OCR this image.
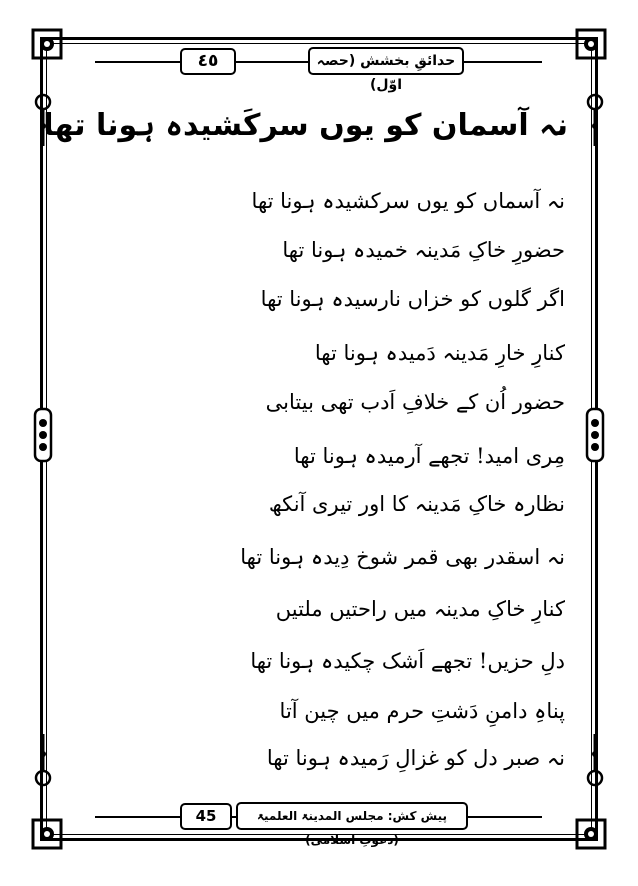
٤٥	حدائقِ بخشش (حصہ اوّل)
نہ آسمان کو یوں سرکَشیدہ ہونا تھا
نہ آسماں کو یوں سرکشیدہ ہونا تھا
حضورِ خاکِ مَدینہ خمیدہ ہونا تھا
اگر گلوں کو خزاں نارسیدہ ہونا تھا
کنارِ خارِ مَدینہ دَمیدہ ہونا تھا
حضور اُن کے خلافِ اَدب تھی بیتابی
مِری امید! تجھے آرمیدہ ہونا تھا
نظارہ خاکِ مَدینہ کا اور تیری آنکھ
نہ اسقدر بھی قمر شوخ دِیدہ ہونا تھا
کنارِ خاکِ مدینہ میں راحتیں ملتیں
دلِ حزیں! تجھے اَشک چکیدہ ہونا تھا
پناہِ دامنِ دَشتِ حرم میں چین آتا
نہ صبر دل کو غزالِ رَمیدہ ہونا تھا
45	پیش کش: مجلس المدینۃ العلمیۃ (دعوتِ اسلامی)
